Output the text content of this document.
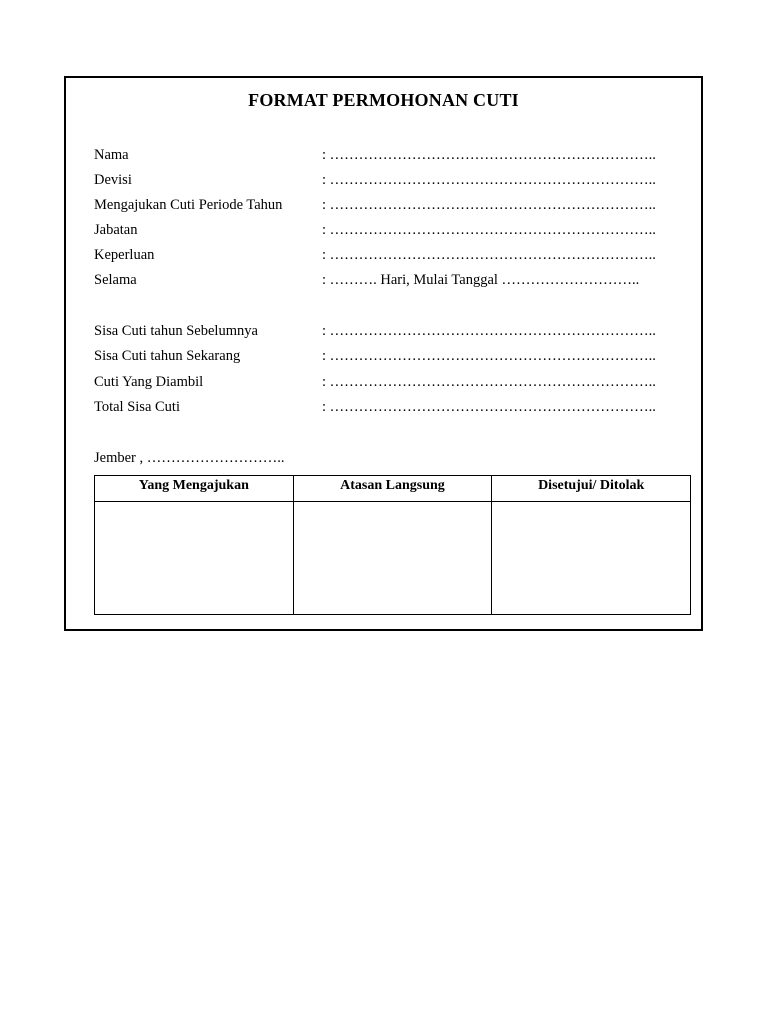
FORMAT PERMOHONAN CUTI
Nama	: …………………………………………………………..
Devisi	: …………………………………………………………..
Mengajukan Cuti Periode Tahun	: …………………………………………………………..
Jabatan	: …………………………………………………………..
Keperluan	: …………………………………………………………..
Selama	: ………. Hari, Mulai Tanggal ………………………..
Sisa Cuti tahun Sebelumnya	: …………………………………………………………..
Sisa Cuti tahun Sekarang	: …………………………………………………………..
Cuti Yang Diambil	: …………………………………………………………..
Total Sisa Cuti	: …………………………………………………………..
Jember , ………………………..
Yang Mengajukan	Atasan Langsung	Disetujui/ Ditolak
